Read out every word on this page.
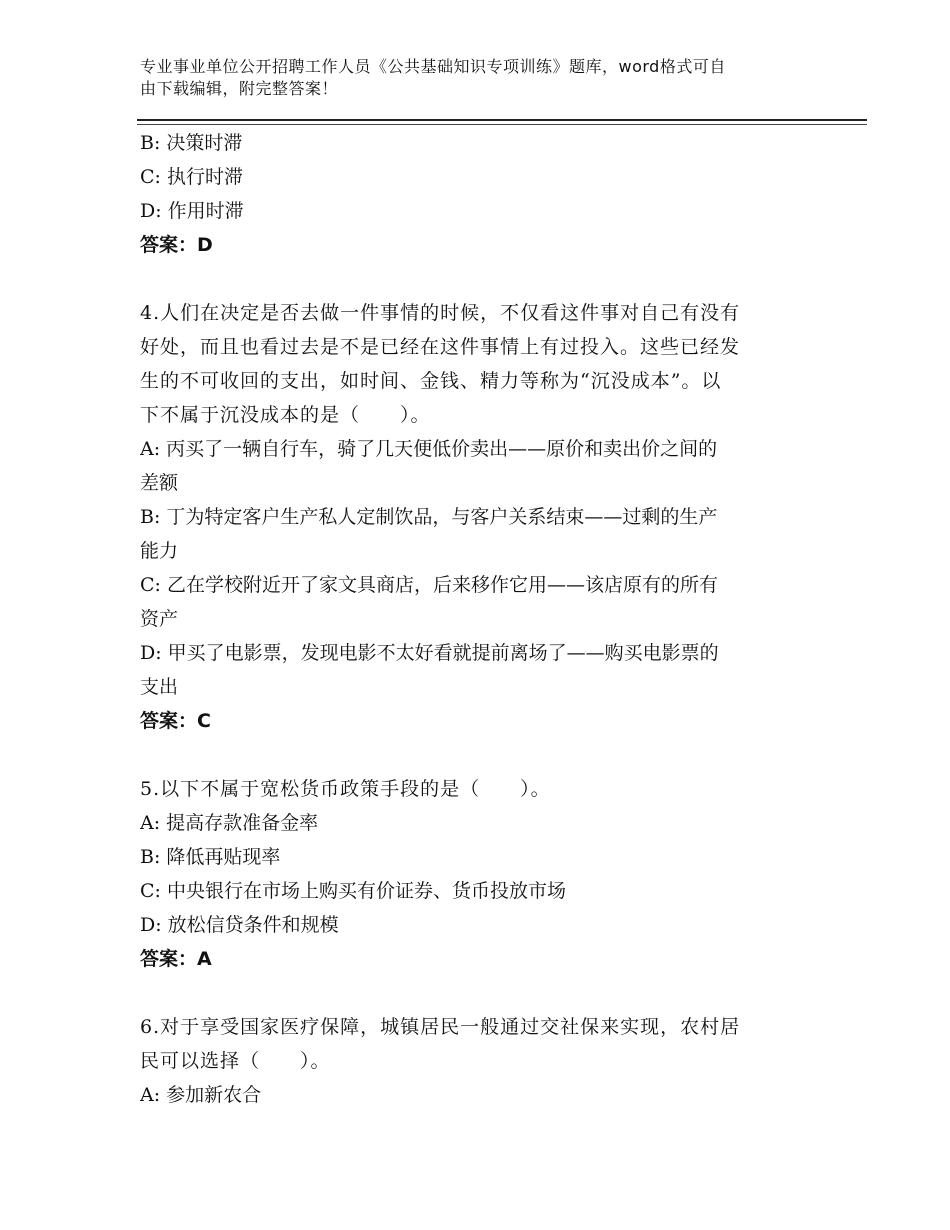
专业事业单位公开招聘工作人员《公共基础知识专项训练》题库，word格式可自
由下载编辑，附完整答案！
B: 决策时滞
C: 执行时滞
D: 作用时滞
答案：D
4.人们在决定是否去做一件事情的时候，不仅看这件事对自己有没有
好处，而且也看过去是不是已经在这件事情上有过投入。这些已经发
生的不可收回的支出，如时间、金钱、精力等称为“沉没成本”。以
下不属于沉没成本的是（　　）。
A: 丙买了一辆自行车，骑了几天便低价卖出——原价和卖出价之间的
差额
B: 丁为特定客户生产私人定制饮品，与客户关系结束——过剩的生产
能力
C: 乙在学校附近开了家文具商店，后来移作它用——该店原有的所有
资产
D: 甲买了电影票，发现电影不太好看就提前离场了——购买电影票的
支出
答案：C
5.以下不属于宽松货币政策手段的是（　　）。
A: 提高存款准备金率
B: 降低再贴现率
C: 中央银行在市场上购买有价证券、货币投放市场
D: 放松信贷条件和规模
答案：A
6.对于享受国家医疗保障，城镇居民一般通过交社保来实现，农村居
民可以选择（　　）。
A: 参加新农合
